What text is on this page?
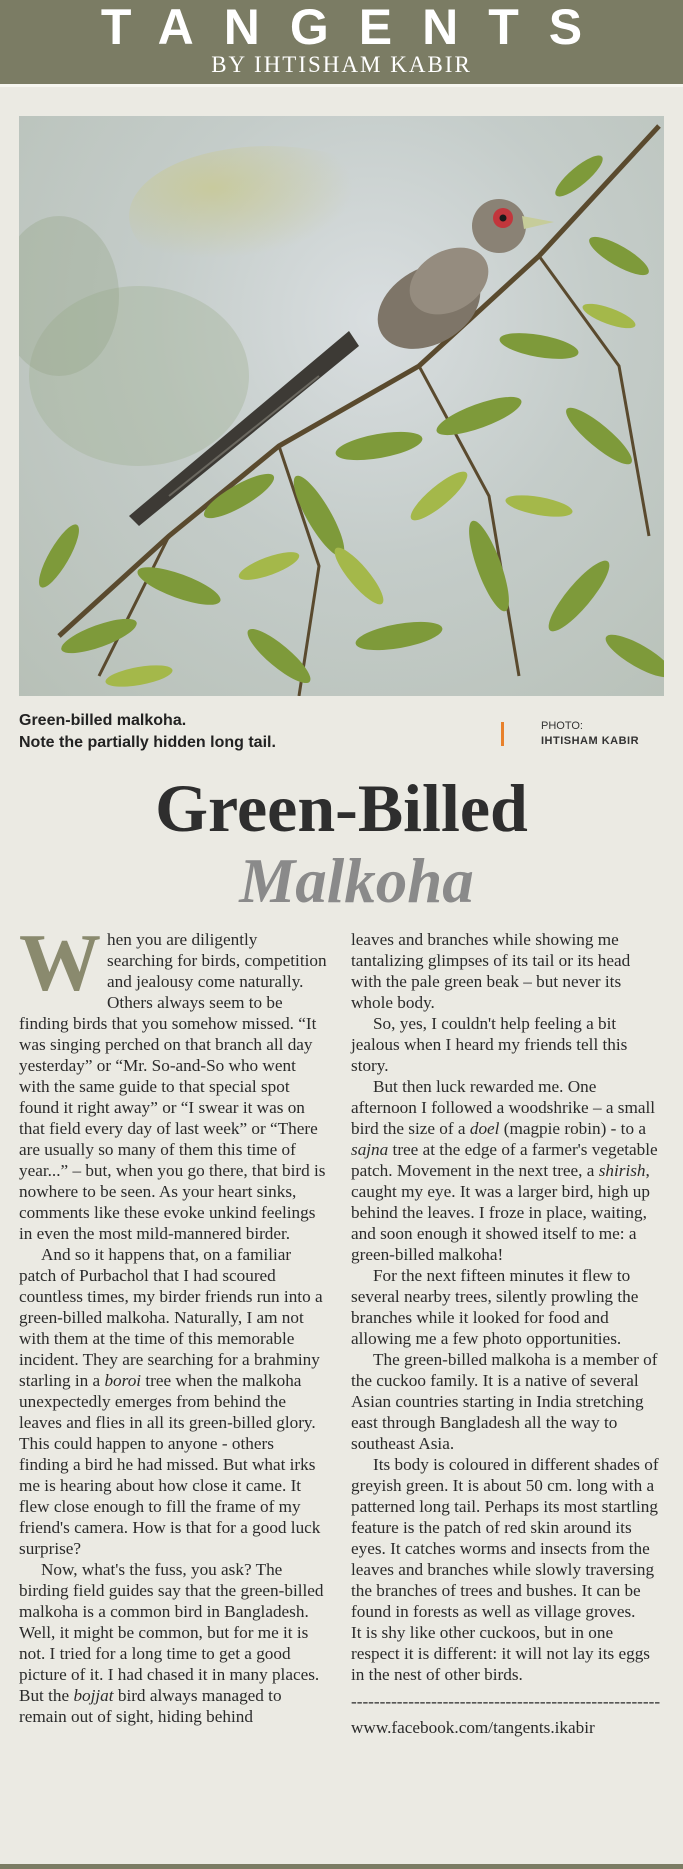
TANGENTS
BY IHTISHAM KABIR
Green-billed malkoha.
Note the partially hidden long tail.
PHOTO:
IHTISHAM KABIR
Green-Billed
Malkoha

When you are diligently searching for birds, competition and jealousy come naturally. Others always seem to be finding birds that you somehow missed. “It was singing perched on that branch all day yesterday” or “Mr. So-and-So who went with the same guide to that special spot found it right away” or “I swear it was on that field every day of last week” or “There are usually so many of them this time of year...” – but, when you go there, that bird is nowhere to be seen. As your heart sinks, comments like these evoke unkind feelings in even the most mild-mannered birder.

And so it happens that, on a familiar patch of Purbachol that I had scoured countless times, my birder friends run into a green-billed malkoha. Naturally, I am not with them at the time of this memorable incident. They are searching for a brahminy starling in a boroi tree when the malkoha unexpectedly emerges from behind the leaves and flies in all its green-billed glory. This could happen to anyone - others finding a bird he had missed. But what irks me is hearing about how close it came. It flew close enough to fill the frame of my friend's camera. How is that for a good luck surprise?

Now, what's the fuss, you ask? The birding field guides say that the green-billed malkoha is a common bird in Bangladesh. Well, it might be common, but for me it is not. I tried for a long time to get a good picture of it. I had chased it in many places. But the bojjat bird always managed to remain out of sight, hiding behind

leaves and branches while showing me tantalizing glimpses of its tail or its head with the pale green beak – but never its whole body.

So, yes, I couldn't help feeling a bit jealous when I heard my friends tell this story.

But then luck rewarded me. One afternoon I followed a woodshrike – a small bird the size of a doel (magpie robin) - to a sajna tree at the edge of a farmer's vegetable patch. Movement in the next tree, a shirish, caught my eye. It was a larger bird, high up behind the leaves. I froze in place, waiting, and soon enough it showed itself to me: a green-billed malkoha!

For the next fifteen minutes it flew to several nearby trees, silently prowling the branches while it looked for food and allowing me a few photo opportunities.

The green-billed malkoha is a member of the cuckoo family. It is a native of several Asian countries starting in India stretching east through Bangladesh all the way to southeast Asia.

Its body is coloured in different shades of greyish green. It is about 50 cm. long with a patterned long tail. Perhaps its most startling feature is the patch of red skin around its eyes. It catches worms and insects from the leaves and branches while slowly traversing the branches of trees and bushes. It can be found in forests as well as village groves.

It is shy like other cuckoos, but in one respect it is different: it will not lay its eggs in the nest of other birds.

------------------------------------------------------
www.facebook.com/tangents.ikabir
